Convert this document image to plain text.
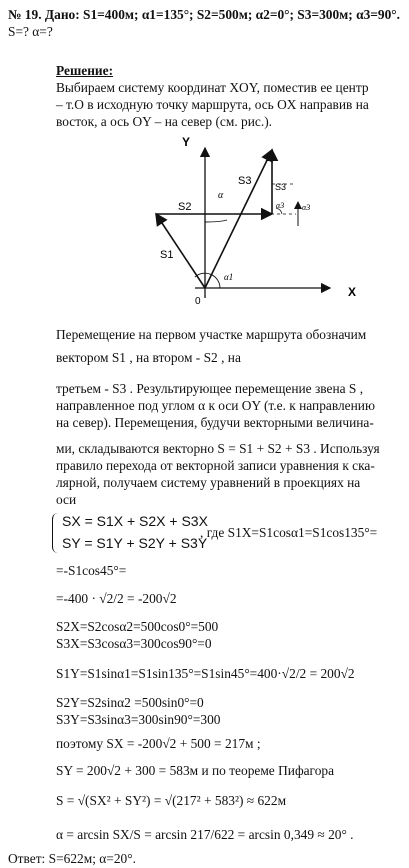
№ 19. Дано: S1=400м; α1=135°; S2=500м; α2=0°; S3=300м; α3=90°.
S=? α=?
Решение:
Выбираем систему координат XOY, поместив ее центр
– т.О в исходную точку маршрута, ось OX направив на
восток, а ось OY – на север (см. рис.).
Y
X
0
S2
S1
S3	S3
α
α1
α3 α3
Перемещение на первом участке маршрута обозначим
вектором S1 , на втором - S2 , на
третьем - S3 . Результирующее перемещение звена S ,
направленное под углом α к оси OY (т.е. к направлению
на север). Перемещения, будучи векторными величина-
ми, складываются векторно S = S1 + S2 + S3 . Используя
правило перехода от векторной записи уравнения к ска-
лярной, получаем систему уравнений в проекциях на
оси
SX = S1X + S2X + S3X
SY = S1Y + S2Y + S3Y
, где S1X=S1cosα1=S1cos135°=
=-S1cos45°=
=-400 · √2/2 = -200√2
S2X=S2cosα2=500cos0°=500
S3X=S3cosα3=300cos90°=0
S1Y=S1sinα1=S1sin135°=S1sin45°=400·√2/2 = 200√2
S2Y=S2sinα2 =500sin0°=0
S3Y=S3sinα3=300sin90°=300
поэтому SX = -200√2 + 500 = 217м ;
SY = 200√2 + 300 = 583м и по теореме Пифагора
S = √(SX² + SY²) = √(217² + 583²) ≈ 622м
α = arcsin SX/S = arcsin 217/622 = arcsin 0,349 ≈ 20° .
Ответ: S=622м; α=20°.
